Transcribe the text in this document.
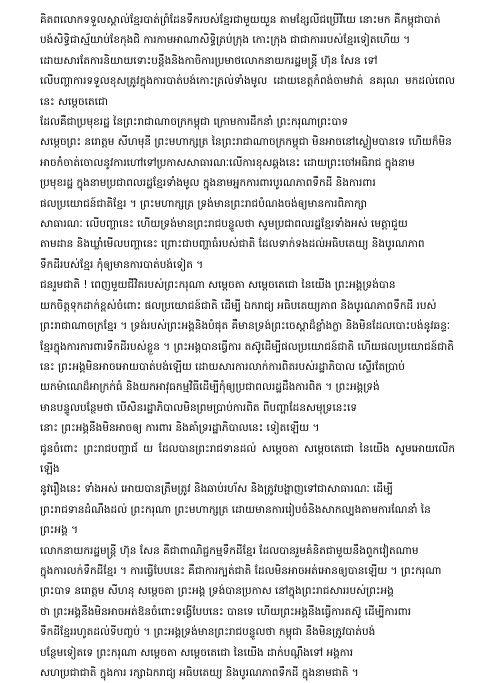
គិតពលោកទទួលស្គាល់ខ្មែរបាត់ព្រំដែនទឹករបស់ខ្មែរជាមួយយួន តាមខ្សែលីជប្រើវីយេ នោះមក គឺកម្ពុជាបាត់
បង់សិទ្ធិជាស្ម័យាប់ខែកុងជិ ការកាមអាណាសិទ្ធិត្រប់ក្រុង កោះក្រុង ជាជាការរបស់ខ្មែរទៀតហើយ ។

ដោយសារតែការនិយាយទោះបន្តឹងនិងកាចិការប្រមាថលោកនាយករដ្ឋមន្ត្រី ហ៊ុន សែន ទៅ
លើបញ្ហាការទទួលខុសត្រូវក្នុងការបាត់បង់កោះត្រល់ទាំងមូល ដោយខេត្តកំពង់ចាមវាត់ នគរុណ មកដល់ពេលនេះ សម្តេចតេជោ
ដែលគឺជាប្រមុខរដ្ឋ នៃព្រះរាជាណាចក្រកម្ពុជា ក្រោមការដឹកនាំ ព្រះករុណាព្រះបាទ
សម្តេចព្រះ នរោត្តម សីហមុនី ព្រះមហាក្សត្រ នៃព្រះរាជាណាចក្រកម្ពុជា មិនអាចនៅស្ងៀមបានទេ ហើយក៏មិន
អាចកំចាត់ចោលនូវការហៅទៅប្រកាសសាធារណៈលើការខុសឆ្គងនេះ ដោយព្រះចៅអធិរាជ ក្នុងនាម
ប្រមុខរដ្ឋ ក្នុងនាមប្រជាពលរដ្ឋខ្មែរទាំងមូល ក្នុងនាមអ្នកការពារបូរណភាពទឹកដី និងការពារ
ផលប្រយោជន៍ជាតិខ្មែរ ។ ព្រះមហាក្សត្រ ទ្រង់មានព្រះរាជបំណងចង់ឲ្យមានការពិភាក្សា
សាធារណៈ លើបញ្ហានេះ ហើយទ្រង់មានព្រះរាជបន្ទូលថា សូមប្រជាពលរដ្ឋខ្មែរទាំងអស់ មេត្តាជួយ
តាមដាន និងឃ្លាំមើលបញ្ហានេះ ព្រោះជាបញ្ហាធំរបស់ជាតិ ដែលទាក់ទងដល់អធិបតេយ្យ និងបូរណភាព
ទឹកដីរបស់ខ្មែរ កុំឲ្យមានការបាត់បង់ទៀត ។

ជនរួមជាតិ ! ពេញមួយជីវិតរបស់ព្រះករុណា សម្តេចតា សម្តេចតេជោ នៃយើង ព្រះអង្គទ្រង់បាន
យកចិត្តទុកដាក់ខ្ពស់ចំពោះ ផលប្រយោជន៍ជាតិ ដើម្បី ឯករាជ្យ អធិបតេយ្យភាព និងបូរណភាពទឹកដី របស់
ព្រះរាជាណាចក្រខ្មែរ ។ ទ្រង់របស់ព្រះអង្គនិងបំផុត គឺមានទ្រង់ព្រះចេស្តាដ៏ខ្លាំងក្លា និងមិនដែលបោះបង់នូវឆន្ទៈ
ខ្មែរក្នុងការការពារទឹកដីរបស់ខ្លួន ។ ព្រះអង្គបានធ្វើការ តស៊ូដើម្បីផលប្រយោជន៍ជាតិ ហើយផលប្រយោជន៍ជាតិ
នេះ ព្រះអង្គមិនអាចអោយបាត់បង់ឡើយ ដោយសារការលាក់ការពិតរបស់រដ្ឋាភិបាល ស្ទើរតែប្រាប់
យកម៉ាណេដ៏អាក្រក់ធំ និងយកអាវុធកម្មវិធីដើម្បីកុំឲ្យប្រជាពលរដ្ឋដឹងការពិត ។ ព្រះអង្គទ្រង់
មានបន្ទូលបន្ថែមថា បើសិនរដ្ឋាភិបាលមិនព្រមប្រាប់ការពិត ពីបញ្ហាដែនសមុទ្រនេះទេ
នោះ ព្រះអង្គនឹងមិនអាចឲ្យ ការពារ និងគាំទ្ររដ្ឋាភិបាលនេះ ទៀតឡើយ ។

ជូនចំពោះ ព្រះរាជបញ្ជាជ័ យ ដែលបានព្រះរាជទានដល់ សម្តេចតា សម្តេចតេជោ នៃយើង សូមអោយលើកឡើង
នូវរឿងនេះ ទាំងអស់ អោយបានត្រឹមត្រូវ និងឆាប់រហ័ស និងត្រូវបង្ហាញទៅជាសាធារណៈ ដើម្បី
ព្រះរាជទានដំណឹងដល់ ព្រះករុណា ព្រះមហាក្សត្រ ដោយមានការរៀបចំនិងសាកល្បងតាមការណែនាំ នៃ
ព្រះអង្គ ។

លោកនាយករដ្ឋមន្ត្រី ហ៊ុន សែន គឺជាពាណិជ្ជកម្មទឹកដីខ្មែរ ដែលបានរួមគំនិតជាមួយនឹងពួកវៀតណាម
ក្នុងការលក់ទឹកដីខ្មែរ ។ ការធ្វើបែបនេះ គឺជាការក្បត់ជាតិ ដែលមិនអាចអត់អោនឲ្យបានឡើយ ។ ព្រះករុណា
ព្រះបាទ នរោត្តម សីហនុ សម្តេចតា ព្រះអង្គ ទ្រង់បានប្រកាស នៅក្នុងព្រះរាជសាររបស់ព្រះអង្គ
ថា ព្រះអង្គនឹងមិនអាចអត់ឱនចំពោះទង្វើបែបនេះ បានទេ ហើយព្រះអង្គនឹងធ្វើការតស៊ូ ដើម្បីការពារ
ទឹកដីខ្មែររហូតដល់ទីបញ្ចប់ ។ ព្រះអង្គទ្រង់មានព្រះរាជបន្ទូលថា កម្ពុជា នឹងមិនត្រូវបាត់បង់
បន្ថែមទៀតទេ ព្រះករុណា សម្តេចតា សម្តេចតេជោ នៃយើង ដាក់បណ្តឹងទៅ អង្គការ
សហប្រជាជាតិ ក្នុងការ រក្សាឯករាជ្យ អធិបតេយ្យ និងបូរណភាពទឹកដី ក្នុងនាមជាតិ ។
